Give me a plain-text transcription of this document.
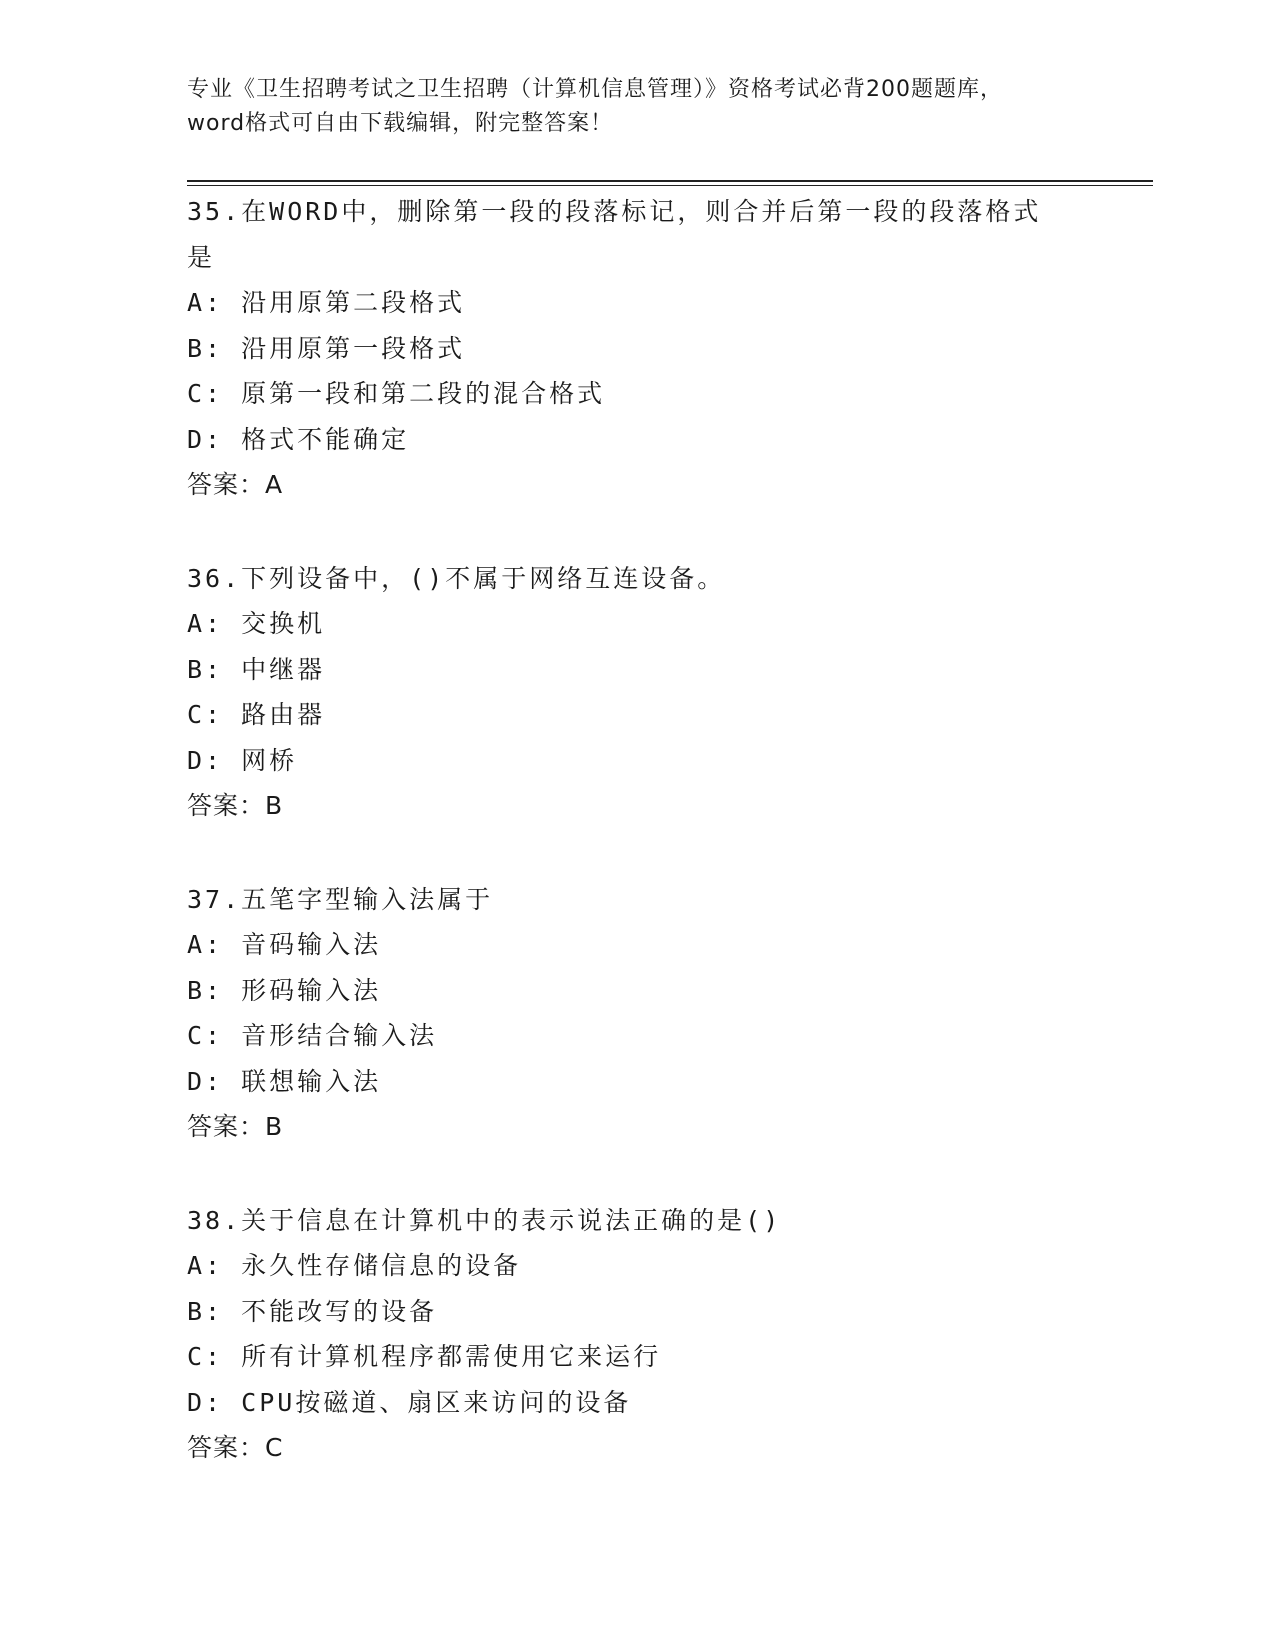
专业《卫生招聘考试之卫生招聘（计算机信息管理）》资格考试必背200题题库，
word格式可自由下载编辑，附完整答案！
35.在WORD中，删除第一段的段落标记，则合并后第一段的段落格式
是
A: 沿用原第二段格式
B: 沿用原第一段格式
C: 原第一段和第二段的混合格式
D: 格式不能确定
答案：A
36.下列设备中，()不属于网络互连设备。
A: 交换机
B: 中继器
C: 路由器
D: 网桥
答案：B
37.五笔字型输入法属于
A: 音码输入法
B: 形码输入法
C: 音形结合输入法
D: 联想输入法
答案：B
38.关于信息在计算机中的表示说法正确的是()
A: 永久性存储信息的设备
B: 不能改写的设备
C: 所有计算机程序都需使用它来运行
D: CPU按磁道、扇区来访问的设备
答案：C
